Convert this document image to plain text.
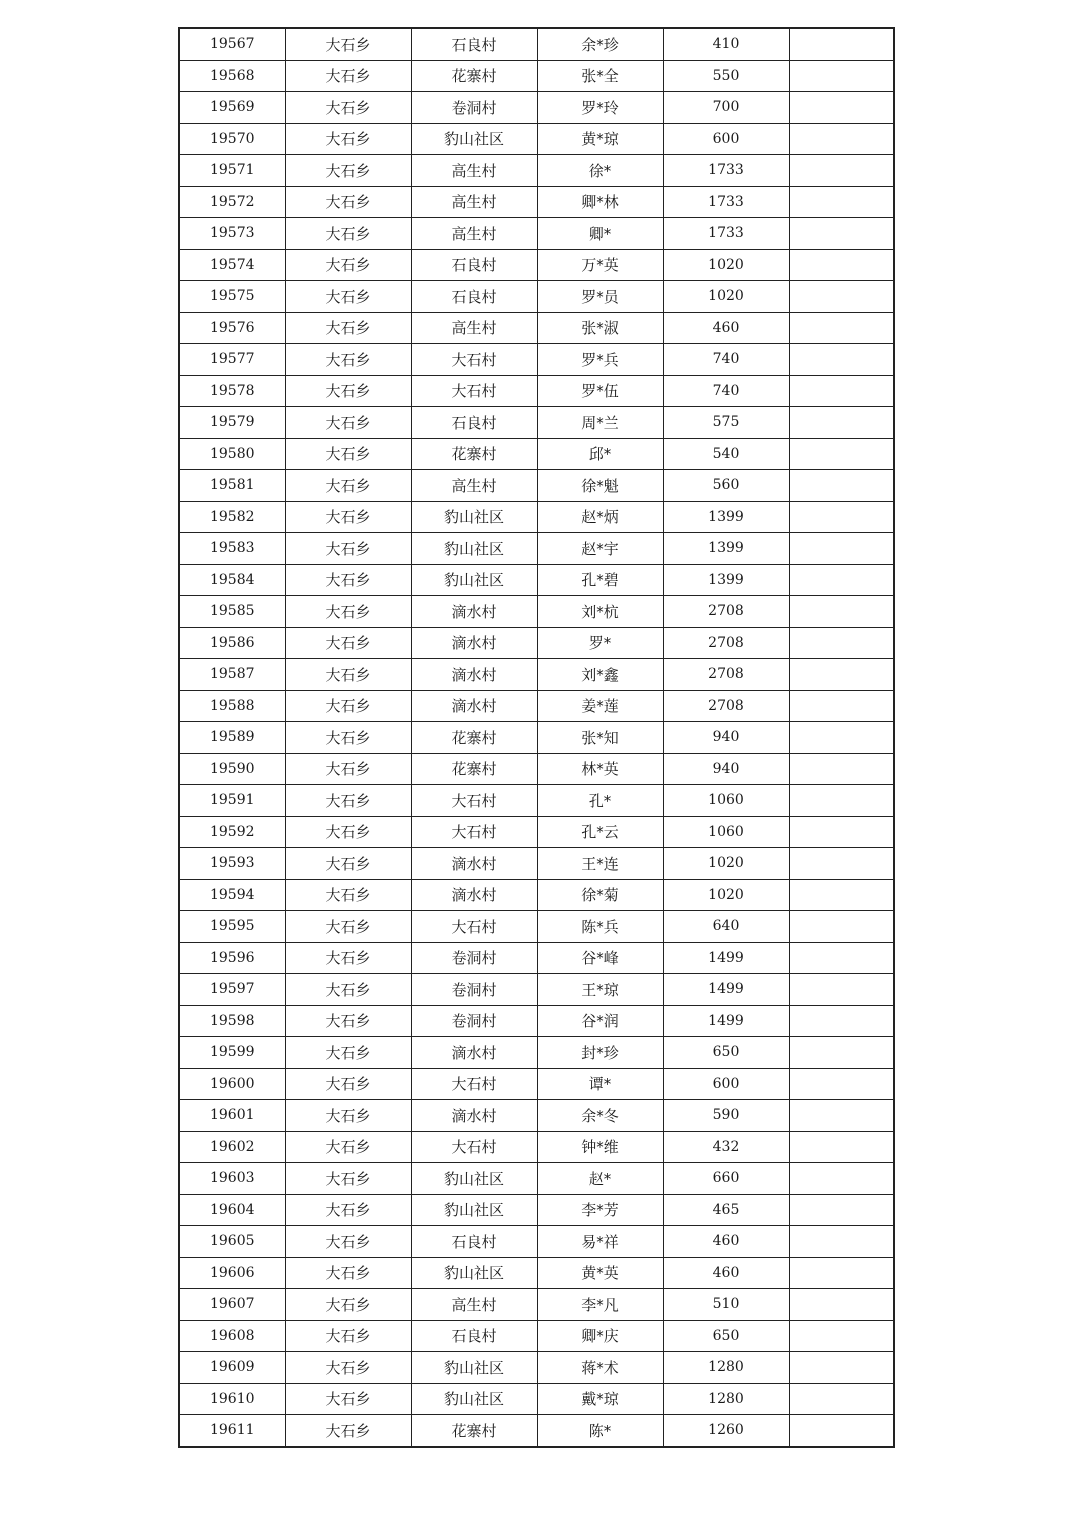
19567	大石乡	石良村	余*珍	410	
19568	大石乡	花寨村	张*全	550	
19569	大石乡	卷洞村	罗*玲	700	
19570	大石乡	豹山社区	黄*琼	600	
19571	大石乡	高生村	徐*	1733	
19572	大石乡	高生村	卿*林	1733	
19573	大石乡	高生村	卿*	1733	
19574	大石乡	石良村	万*英	1020	
19575	大石乡	石良村	罗*员	1020	
19576	大石乡	高生村	张*淑	460	
19577	大石乡	大石村	罗*兵	740	
19578	大石乡	大石村	罗*伍	740	
19579	大石乡	石良村	周*兰	575	
19580	大石乡	花寨村	邱*	540	
19581	大石乡	高生村	徐*魁	560	
19582	大石乡	豹山社区	赵*炳	1399	
19583	大石乡	豹山社区	赵*宇	1399	
19584	大石乡	豹山社区	孔*碧	1399	
19585	大石乡	滴水村	刘*杭	2708	
19586	大石乡	滴水村	罗*	2708	
19587	大石乡	滴水村	刘*鑫	2708	
19588	大石乡	滴水村	姜*莲	2708	
19589	大石乡	花寨村	张*知	940	
19590	大石乡	花寨村	林*英	940	
19591	大石乡	大石村	孔*	1060	
19592	大石乡	大石村	孔*云	1060	
19593	大石乡	滴水村	王*连	1020	
19594	大石乡	滴水村	徐*菊	1020	
19595	大石乡	大石村	陈*兵	640	
19596	大石乡	卷洞村	谷*峰	1499	
19597	大石乡	卷洞村	王*琼	1499	
19598	大石乡	卷洞村	谷*润	1499	
19599	大石乡	滴水村	封*珍	650	
19600	大石乡	大石村	谭*	600	
19601	大石乡	滴水村	余*冬	590	
19602	大石乡	大石村	钟*维	432	
19603	大石乡	豹山社区	赵*	660	
19604	大石乡	豹山社区	李*芳	465	
19605	大石乡	石良村	易*祥	460	
19606	大石乡	豹山社区	黄*英	460	
19607	大石乡	高生村	李*凡	510	
19608	大石乡	石良村	卿*庆	650	
19609	大石乡	豹山社区	蒋*术	1280	
19610	大石乡	豹山社区	戴*琼	1280	
19611	大石乡	花寨村	陈*	1260	
